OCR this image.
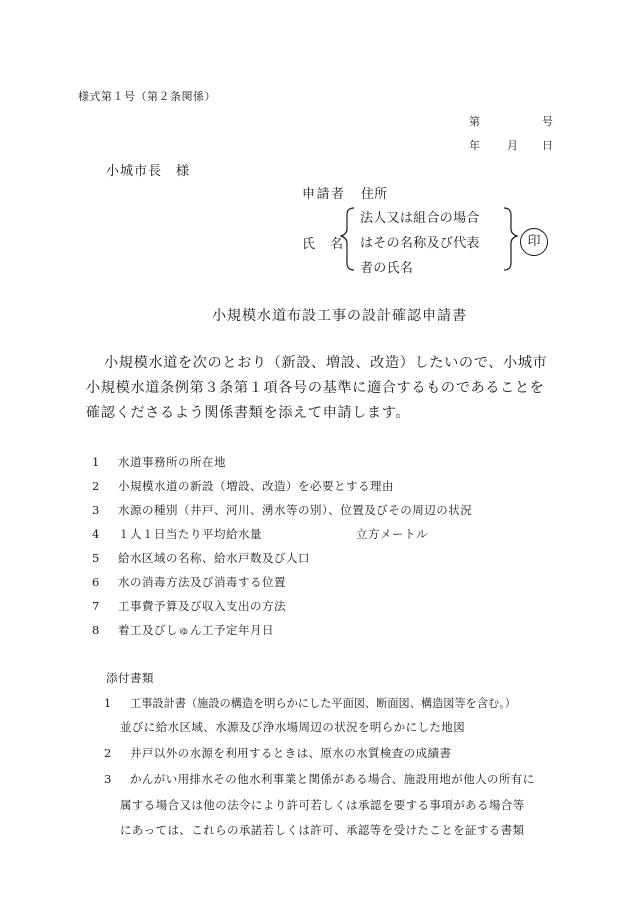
様式第１号（第２条関係）
第	号
年 月 日
小城市長　様
申請者 住所
氏　名
法人又は組合の場合
はその名称及び代表
者の氏名
印
小規模水道布設工事の設計確認申請書
小規模水道を次のとおり（新設、増設、改造）したいので、小城市
小規模水道条例第３条第１項各号の基準に適合するものであることを
確認くださるよう関係書類を添えて申請します。
1 水道事務所の所在地
2 小規模水道の新設（増設、改造）を必要とする理由
3 水源の種別（井戸、河川、湧水等の別）、位置及びその周辺の状況
4 １人１日当たり平均給水量	立方メートル
5 給水区域の名称、給水戸数及び人口
6 水の消毒方法及び消毒する位置
7 工事費予算及び収入支出の方法
8 着工及びしゅん工予定年月日
添付書類
1 工事設計書（施設の構造を明らかにした平面図、断面図、構造図等を含む。）
並びに給水区域、水源及び浄水場周辺の状況を明らかにした地図
2 井戸以外の水源を利用するときは、原水の水質検査の成績書
3 かんがい用排水その他水利事業と関係がある場合、施設用地が他人の所有に
属する場合又は他の法令により許可若しくは承認を要する事項がある場合等
にあっては、これらの承諾若しくは許可、承認等を受けたことを証する書類
